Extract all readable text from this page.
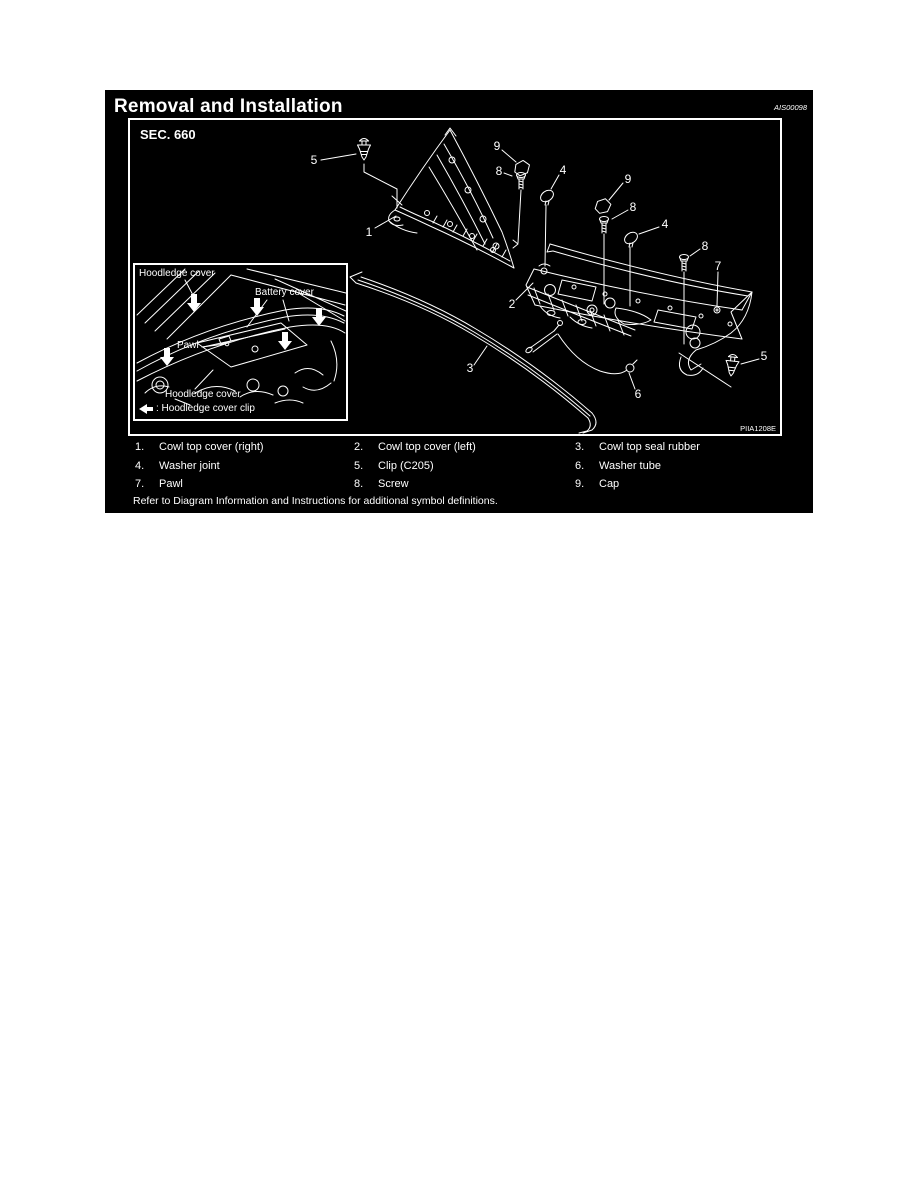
Removal and Installation	AIS00098
SEC. 660
5
1
9
8	4
9
8
4
8
7
2
3
6
5
Hoodledge cover
Battery cover
Pawl
Hoodledge cover
: Hoodledge cover clip
PIIA1208E
1.	Cowl top cover (right)	2.	Cowl top cover (left)	3.	Cowl top seal rubber
4.	Washer joint	5.	Clip (C205)	6.	Washer tube
7.	Pawl	8.	Screw	9.	Cap
Refer to Diagram Information and Instructions for additional symbol definitions.
